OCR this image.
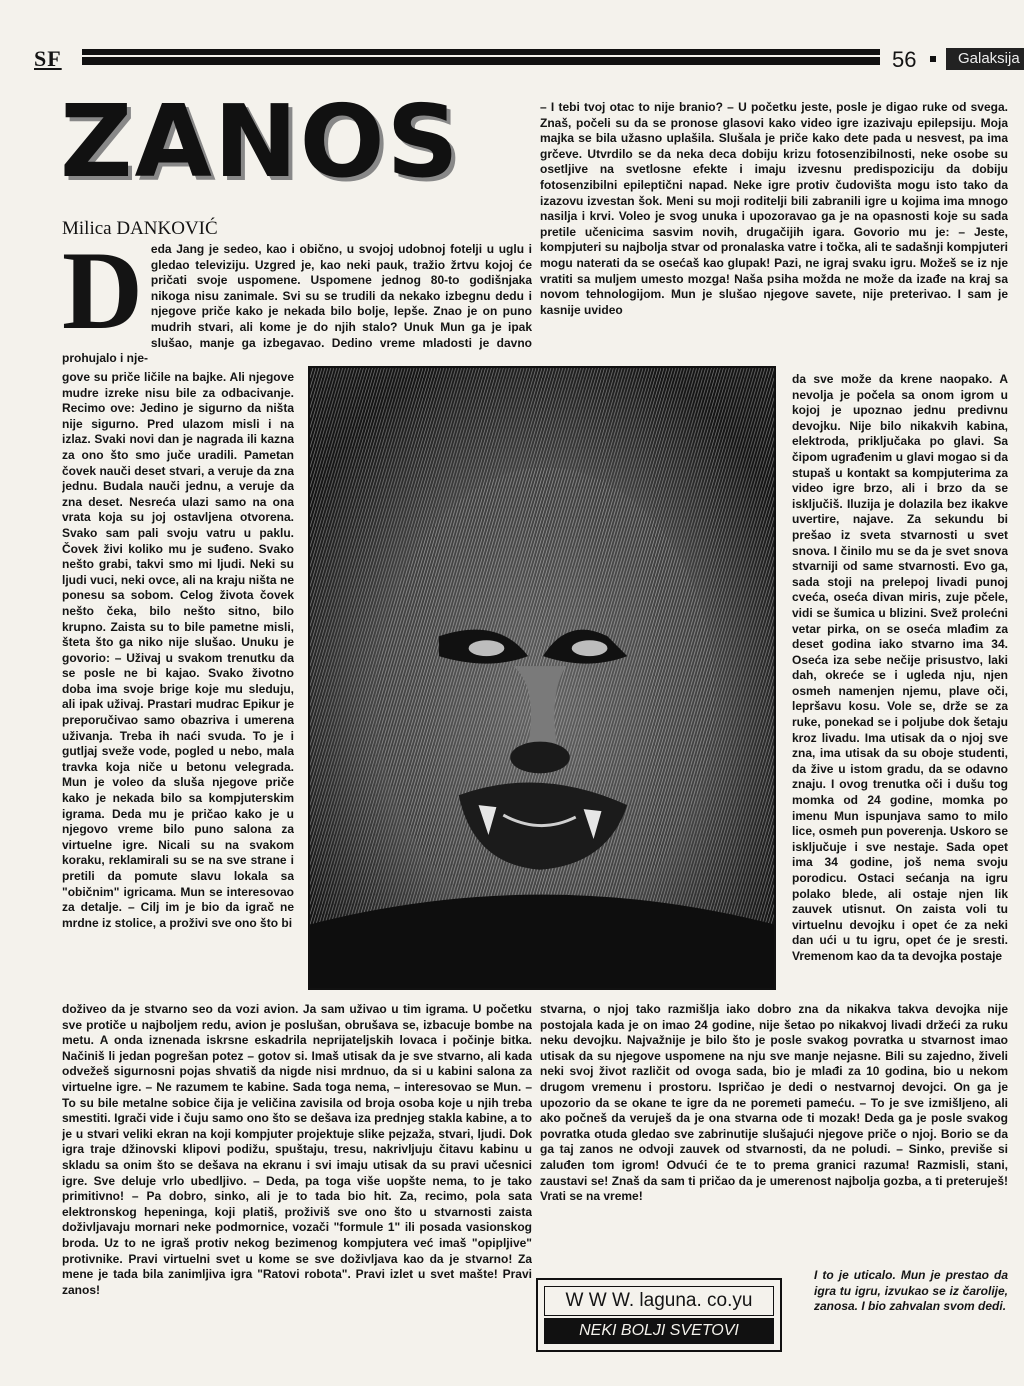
SF	56	Galaksija
ZANOS
Milica DANKOVIĆ

D eda Jang je sedeo, kao i obično, u svojoj udobnoj fotelji u uglu i gledao televiziju. Uzgred je, kao neki pauk, tražio žrtvu kojoj će pričati svoje uspomene. Uspomene jednog 80-to godišnjaka nikoga nisu zanimale. Svi su se trudili da nekako izbegnu dedu i njegove priče kako je nekada bilo bolje, lepše. Znao je on puno mudrih stvari, ali kome je do njih stalo? Unuk Mun ga je ipak slušao, manje ga izbegavao. Dedino vreme mladosti je davno prohujalo i nje-

gove su priče ličile na bajke. Ali njegove mudre izreke nisu bile za odbacivanje. Recimo ove: Jedino je sigurno da ništa nije sigurno. Pred ulazom misli i na izlaz. Svaki novi dan je nagrada ili kazna za ono što smo juče uradili. Pametan čovek nauči deset stvari, a veruje da zna jednu. Budala nauči jednu, a veruje da zna deset. Nesreća ulazi samo na ona vrata koja su joj ostavljena otvorena. Svako sam pali svoju vatru u paklu. Čovek živi koliko mu je suđeno. Svako nešto grabi, takvi smo mi ljudi. Neki su ljudi vuci, neki ovce, ali na kraju ništa ne ponesu sa sobom. Celog života čovek nešto čeka, bilo nešto sitno, bilo krupno. Zaista su to bile pametne misli, šteta što ga niko nije slušao. Unuku je govorio: – Uživaj u svakom trenutku da se posle ne bi kajao. Svako životno doba ima svoje brige koje mu sleduju, ali ipak uživaj. Prastari mudrac Epikur je preporučivao samo obazriva i umerena uživanja. Treba ih naći svuda. To je i gutljaj sveže vode, pogled u nebo, mala travka koja niče u betonu velegrada. Mun je voleo da sluša njegove priče kako je nekada bilo sa kompjuterskim igrama. Deda mu je pričao kako je u njegovo vreme bilo puno salona za virtuelne igre. Nicali su na svakom koraku, reklamirali su se na sve strane i pretili da pomute slavu lokala sa "običnim" igricama. Mun se interesovao za detalje. – Cilj im je bio da igrač ne mrdne iz stolice, a proživi sve ono što bi

– I tebi tvoj otac to nije branio? – U početku jeste, posle je digao ruke od svega. Znaš, počeli su da se pronose glasovi kako video igre izazivaju epilepsiju. Moja majka se bila užasno uplašila. Slušala je priče kako dete pada u nesvest, pa ima grčeve. Utvrdilo se da neka deca dobiju krizu fotosenzibilnosti, neke osobe su osetljive na svetlosne efekte i imaju izvesnu predispoziciju da dobiju fotosenzibilni epileptični napad. Neke igre protiv čudovišta mogu isto tako da izazovu izvestan šok. Meni su moji roditelji bili zabranili igre u kojima ima mnogo nasilja i krvi. Voleo je svog unuka i upozoravao ga je na opasnosti koje su sada pretile učenicima sasvim novih, drugačijih igara. Govorio mu je: – Jeste, kompjuteri su najbolja stvar od pronalaska vatre i točka, ali te sadašnji kompjuteri mogu naterati da se osećaš kao glupak! Pazi, ne igraj svaku igru. Možeš se iz nje vratiti sa muljem umesto mozga! Naša psiha možda ne može da izađe na kraj sa novom tehnologijom. Mun je slušao njegove savete, nije preterivao. I sam je kasnije uvideo

da sve može da krene naopako. A nevolja je počela sa onom igrom u kojoj je upoznao jednu predivnu devojku. Nije bilo nikakvih kabina, elektroda, priključaka po glavi. Sa čipom ugrađenim u glavi mogao si da stupaš u kontakt sa kompjuterima za video igre brzo, ali i brzo da se isključiš. Iluzija je dolazila bez ikakve uvertire, najave. Za sekundu bi prešao iz sveta stvarnosti u svet snova. I činilo mu se da je svet snova stvarniji od same stvarnosti. Evo ga, sada stoji na prelepoj livadi punoj cveća, oseća divan miris, zuje pčele, vidi se šumica u blizini. Svež prolećni vetar pirka, on se oseća mlađim za deset godina iako stvarno ima 34. Oseća iza sebe nečije prisustvo, laki dah, okreće se i ugleda nju, njen osmeh namenjen njemu, plave oči, lepršavu kosu. Vole se, drže se za ruke, ponekad se i poljube dok šetaju kroz livadu. Ima utisak da o njoj sve zna, ima utisak da su oboje studenti, da žive u istom gradu, da se odavno znaju. I ovog trenutka oči i dušu tog momka od 24 godine, momka po imenu Mun ispunjava samo to milo lice, osmeh pun poverenja. Uskoro se isključuje i sve nestaje. Sada opet ima 34 godine, još nema svoju porodicu. Ostaci sećanja na igru polako blede, ali ostaje njen lik zauvek utisnut. On zaista voli tu virtuelnu devojku i opet će za neki dan ući u tu igru, opet će je sresti. Vremenom kao da ta devojka postaje

doživeo da je stvarno seo da vozi avion. Ja sam uživao u tim igrama. U početku sve protiče u najboljem redu, avion je poslušan, obrušava se, izbacuje bombe na metu. A onda iznenada iskrsne eskadrila neprijateljskih lovaca i počinje bitka. Načiniš li jedan pogrešan potez – gotov si. Imaš utisak da je sve stvarno, ali kada odvežeš sigurnosni pojas shvatiš da nigde nisi mrdnuo, da si u kabini salona za virtuelne igre. – Ne razumem te kabine. Sada toga nema, – interesovao se Mun. – To su bile metalne sobice čija je veličina zavisila od broja osoba koje u njih treba smestiti. Igrači vide i čuju samo ono što se dešava iza prednjeg stakla kabine, a to je u stvari veliki ekran na koji kompjuter projektuje slike pejzaža, stvari, ljudi. Dok igra traje džinovski klipovi podižu, spuštaju, tresu, nakrivljuju čitavu kabinu u skladu sa onim što se dešava na ekranu i svi imaju utisak da su pravi učesnici igre. Sve deluje vrlo ubedljivo. – Deda, pa toga više uopšte nema, to je tako primitivno! – Pa dobro, sinko, ali je to tada bio hit. Za, recimo, pola sata elektronskog hepeninga, koji platiš, proživiš sve ono što u stvarnosti zaista doživljavaju mornari neke podmornice, vozači "formule 1" ili posada vasionskog broda. Uz to ne igraš protiv nekog bezimenog kompjutera već imaš "opipljive" protivnike. Pravi virtuelni svet u kome se sve doživljava kao da je stvarno! Za mene je tada bila zanimljiva igra "Ratovi robota". Pravi izlet u svet mašte! Pravi zanos!

stvarna, o njoj tako razmišlja iako dobro zna da nikakva takva devojka nije postojala kada je on imao 24 godine, nije šetao po nikakvoj livadi držeći za ruku neku devojku. Najvažnije je bilo što je posle svakog povratka u stvarnost imao utisak da su njegove uspomene na nju sve manje nejasne. Bili su zajedno, živeli neki svoj život različit od ovoga sada, bio je mlađi za 10 godina, bio u nekom drugom vremenu i prostoru. Ispričao je dedi o nestvarnoj devojci. On ga je upozorio da se okane te igre da ne poremeti pameću. – To je sve izmišljeno, ali ako počneš da veruješ da je ona stvarna ode ti mozak! Deda ga je posle svakog povratka otuda gledao sve zabrinutije slušajući njegove priče o njoj. Borio se da ga taj zanos ne odvoji zauvek od stvarnosti, da ne poludi. – Sinko, previše si zaluđen tom igrom! Odvući će te to prema granici razuma! Razmisli, stani, zaustavi se! Znaš da sam ti pričao da je umerenost najbolja gozba, a ti preteruješ! Vrati se na vreme!

I to je uticalo. Mun je prestao da igra tu igru, izvukao se iz čarolije, zanosa. I bio zahvalan svom dedi.

W W W. laguna. co.yu
NEKI BOLJI SVETOVI
